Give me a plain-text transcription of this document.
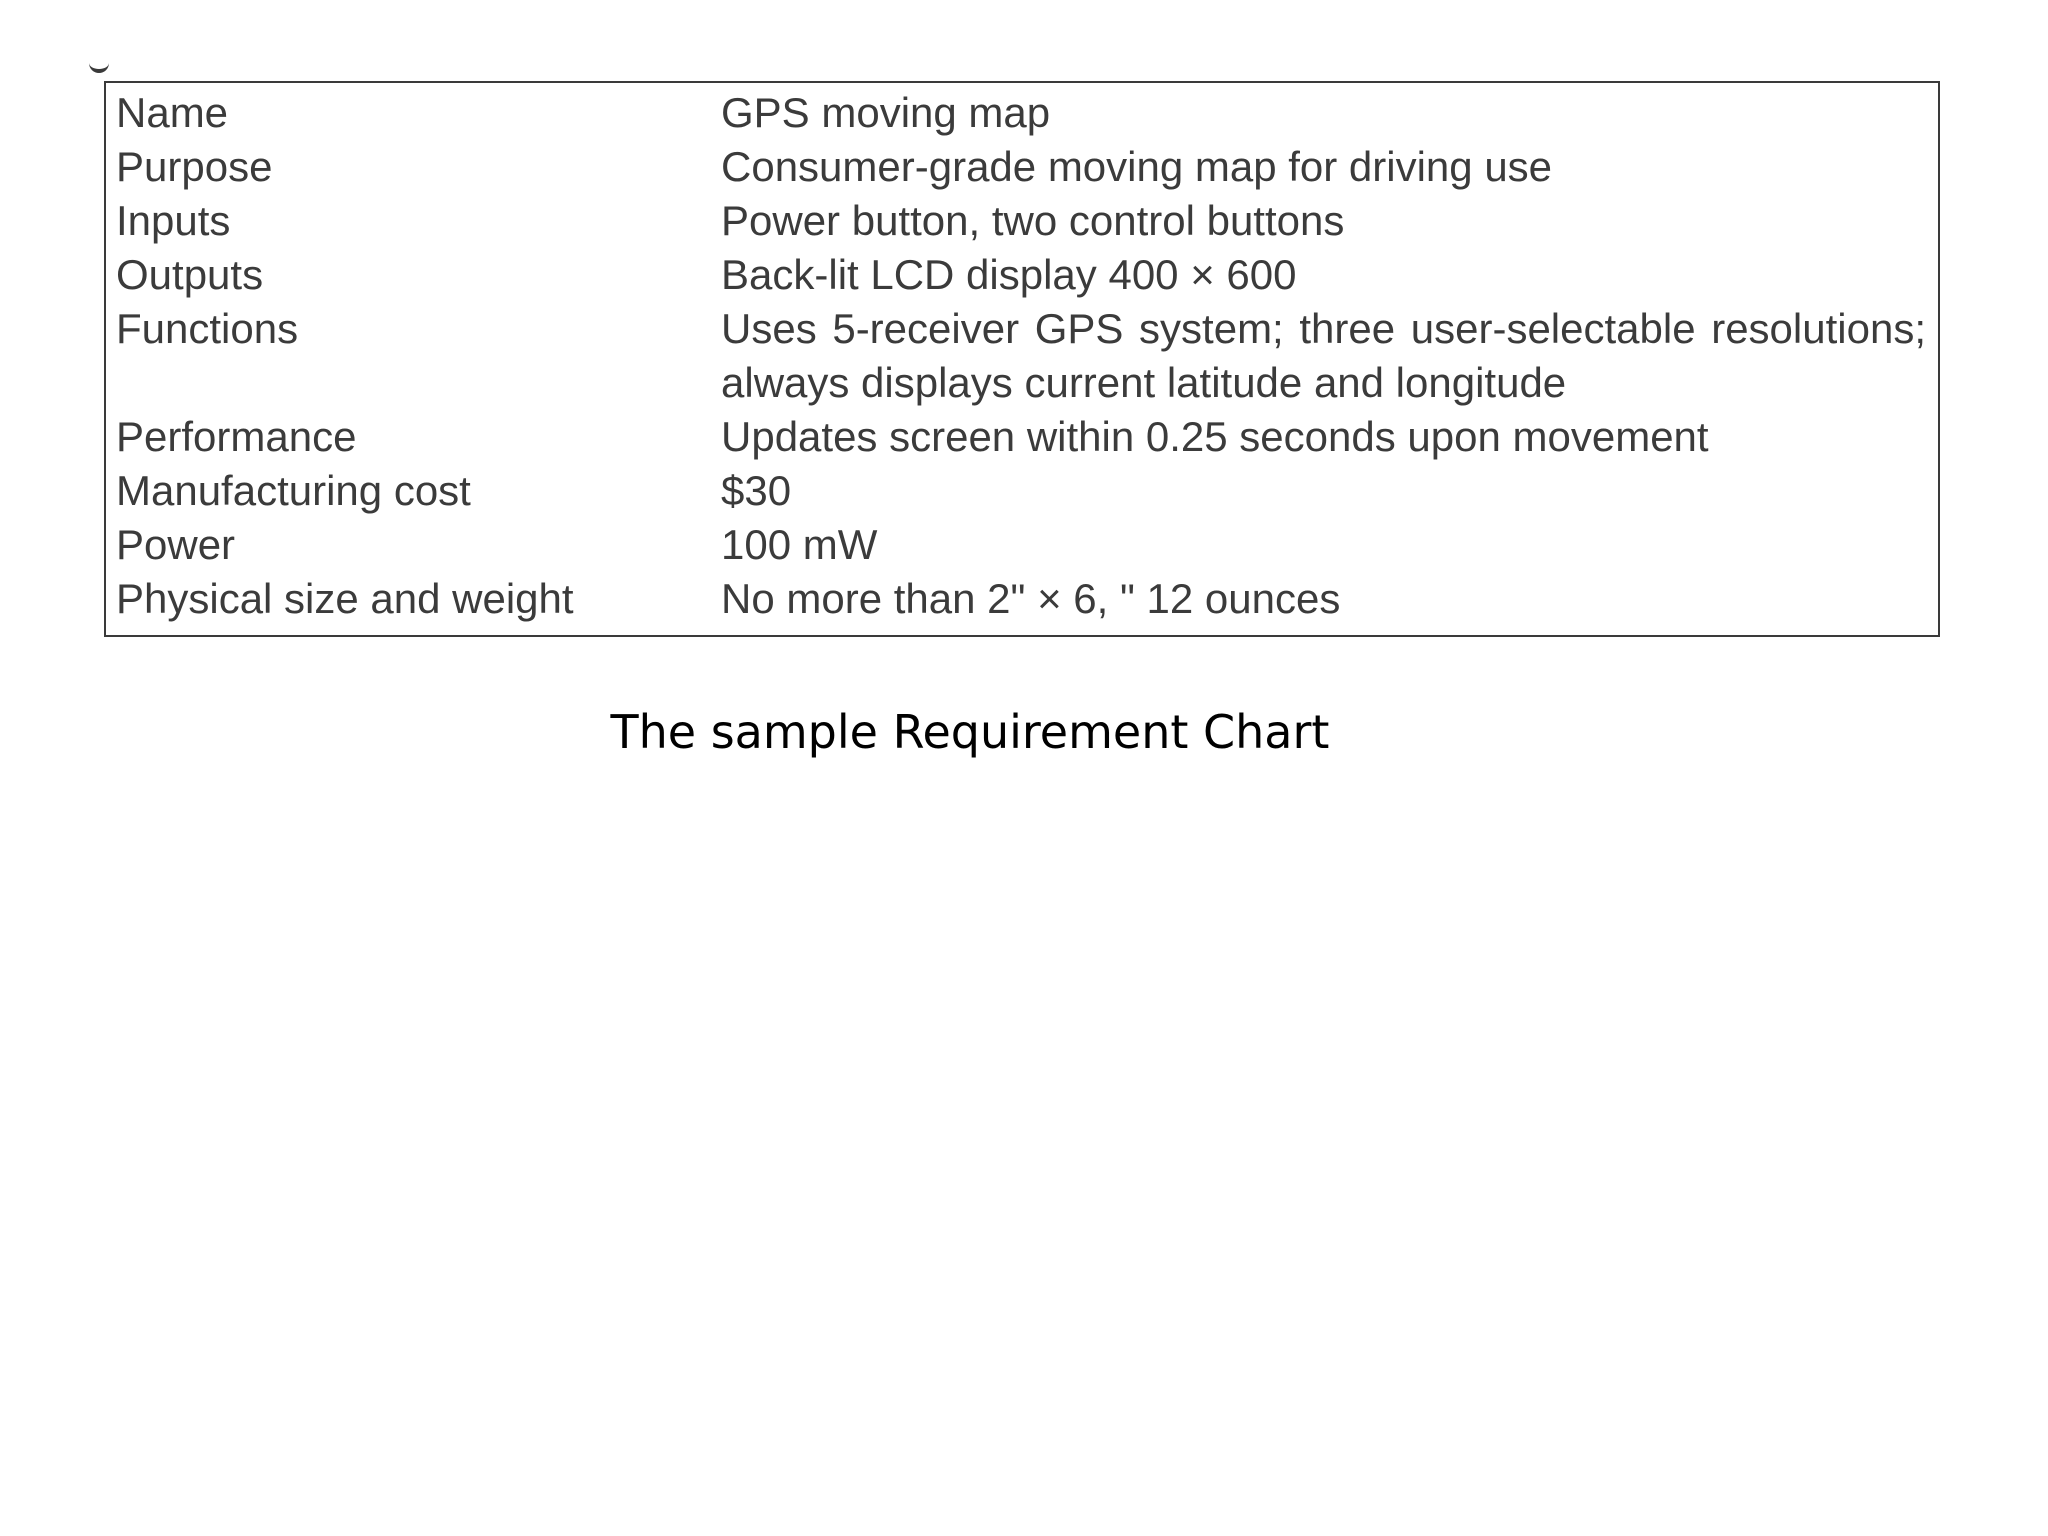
Name	GPS moving map
Purpose	Consumer-grade moving map for driving use
Inputs	Power button, two control buttons
Outputs	Back-lit LCD display 400 × 600
Functions	Uses 5-receiver GPS system; three user-selectable resolutions; always displays current latitude and longitude
Performance	Updates screen within 0.25 seconds upon movement
Manufacturing cost	$30
Power	100 mW
Physical size and weight	No more than 2" × 6, " 12 ounces
The sample Requirement Chart
